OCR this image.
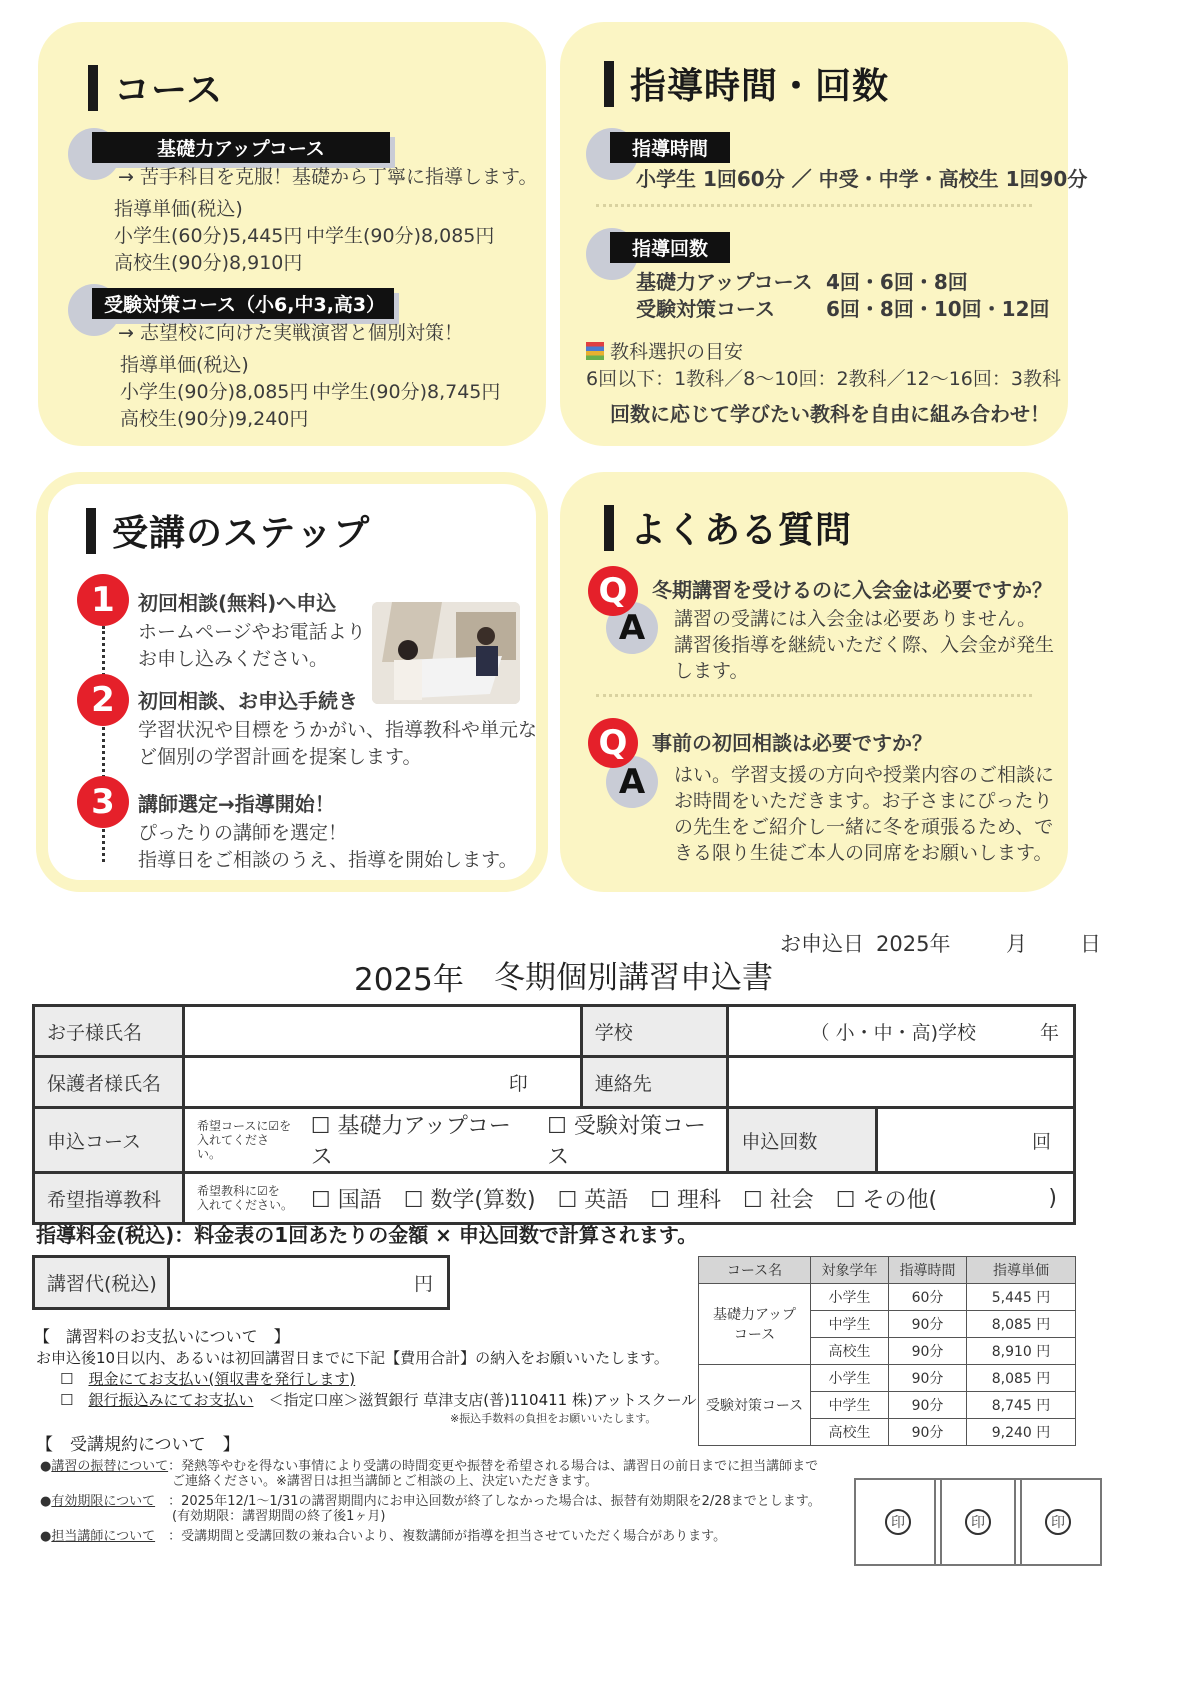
コース
基礎力アップコース
→ 苦手科目を克服！基礎から丁寧に指導します。
指導単価(税込)
小学生(60分)5,445円 中学生(90分)8,085円
高校生(90分)8,910円
受験対策コース（小6,中3,高3）
→ 志望校に向けた実戦演習と個別対策！
指導単価(税込)
小学生(90分)8,085円 中学生(90分)8,745円
高校生(90分)9,240円
指導時間・回数
指導時間
小学生 1回60分 ／ 中受・中学・高校生 1回90分
指導回数
基礎力アップコース 4回・6回・8回
受験対策コース	6回・8回・10回・12回
教科選択の目安
6回以下：1教科／8～10回：2教科／12～16回：3教科
回数に応じて学びたい教科を自由に組み合わせ！
受講のステップ
1	初回相談(無料)へ申込
ホームページやお電話より
お申し込みください。
2	初回相談、お申込手続き
学習状況や目標をうかがい、指導教科や単元な
ど個別の学習計画を提案します。
3	講師選定→指導開始！
ぴったりの講師を選定！
指導日をご相談のうえ、指導を開始します。
よくある質問
A
Q	冬期講習を受けるのに入会金は必要ですか？
講習の受講には入会金は必要ありません。
講習後指導を継続いただく際、入会金が発生
します。
A
Q	事前の初回相談は必要ですか？
はい。学習支援の方向や授業内容のご相談に
お時間をいただきます。お子さまにぴったり
の先生をご紹介し一緒に冬を頑張るため、で
きる限り生徒ご本人の同席をお願いします。
お申込日 2025年	月	日
2025年 冬期個別講習申込書
お子様氏名		学校	（ 小・中・高)学校 年	

保護者様氏名	印	連絡先		
申込コース	希望コースに☑を
入れてください。
☐ 基礎力アップコース
☐ 受験対策コース		申込回数	回

希望指導教科	希望教科に☑を
入れてください。 ☐ 国語　☐ 数学(算数)　☐ 英語　☐ 理科　☐ 社会　☐ その他( )			
指導料金(税込)：料金表の1回あたりの金額 × 申込回数で計算されます。
講習代(税込)	円
コース名	対象学年	指導時間	指導単価

基礎力アップ
コース	小学生	60分	5,445 円
	中学生	90分	8,085 円
	高校生	90分	8,910 円
受験対策コース	小学生	90分	8,085 円
	中学生	90分	8,745 円
	高校生	90分	9,240 円
【　講習料のお支払いについて　】
お申込後10日以内、あるいは初回講習日までに下記【費用合計】の納入をお願いいたします。
☐　現金にてお支払い(領収書を発行します)
☐　銀行振込みにてお支払い　 ＜指定口座＞滋賀銀行 草津支店(普)110411 株)アットスクール
※振込手数料の負担をお願いいたします。
【　受講規約について　】
●講習の振替について：発熱等やむを得ない事情により受講の時間変更や振替を希望される場合は、講習日の前日までに担当講師まで
ご連絡ください。※講習日は担当講師とご相談の上、決定いただきます。
●有効期限について　 ：2025年12/1～1/31の講習期間内にお申込回数が終了しなかった場合は、振替有効期限を2/28までとします。
(有効期限：講習期間の終了後1ヶ月)
●担当講師について　 ：受講期間と受講回数の兼ね合いより、複数講師が指導を担当させていただく場合があります。
印	印	印
